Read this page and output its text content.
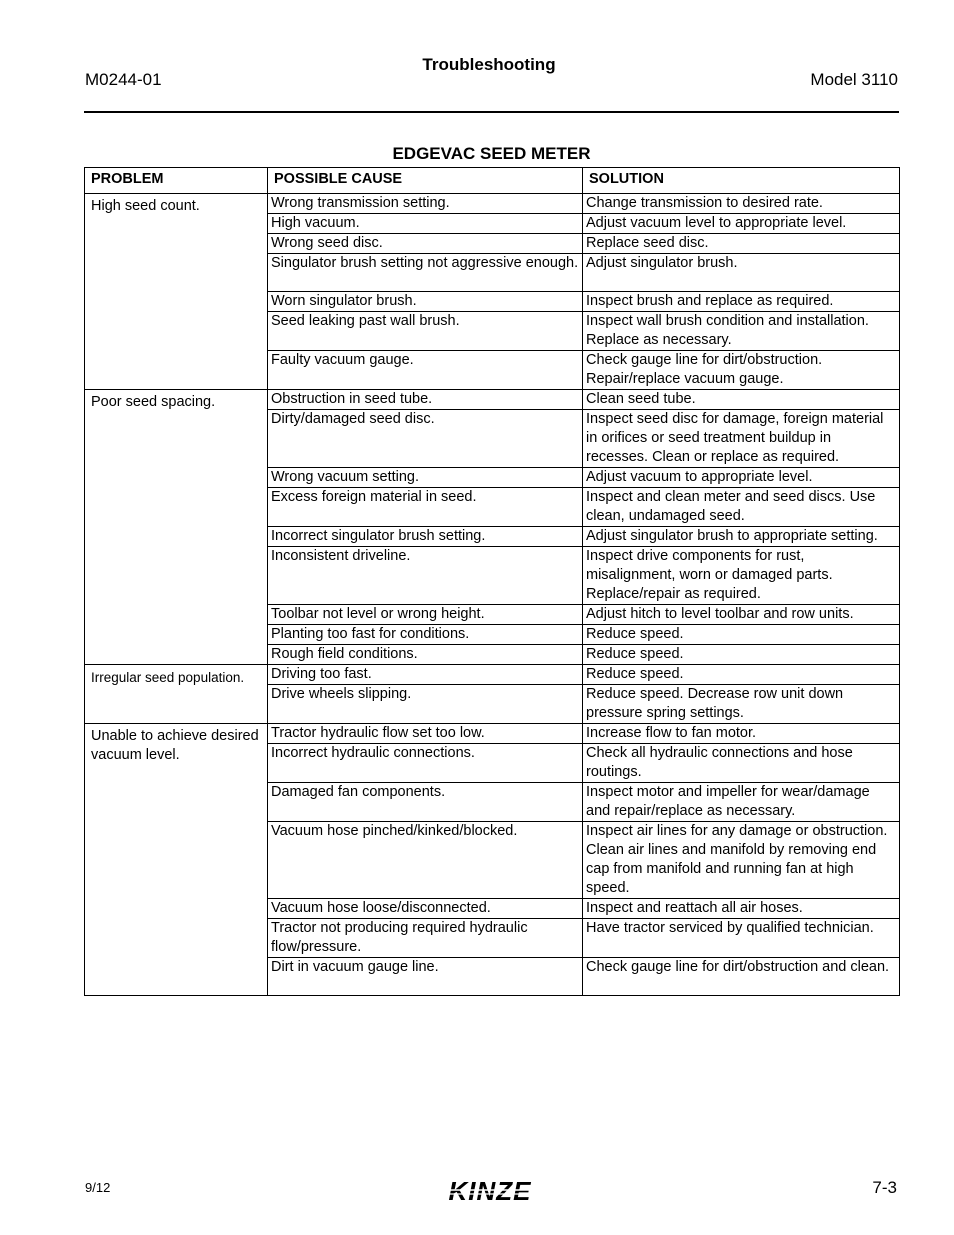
M0244-01
Troubleshooting
Model 3110
EDGEVAC SEED METER
PROBLEM	POSSIBLE CAUSE	SOLUTION
High seed count.	Wrong transmission setting.	Change transmission to desired rate.
	High vacuum.	Adjust vacuum level to appropriate level.
	Wrong seed disc.	Replace seed disc.
	Singulator brush setting not aggressive enough.	Adjust singulator brush.
	Worn singulator brush.	Inspect brush and replace as required.
	Seed leaking past wall brush.	Inspect wall brush condition and installation. Replace as necessary.
	Faulty vacuum gauge.	Check gauge line for dirt/obstruction. Repair/replace vacuum gauge.
Poor seed spacing.	Obstruction in seed tube.	Clean seed tube.
	Dirty/damaged seed disc.	Inspect seed disc for damage, foreign material in orifices or seed treatment buildup in recesses. Clean or replace as required.
	Wrong vacuum setting.	Adjust vacuum to appropriate level.
	Excess foreign material in seed.	Inspect and clean meter and seed discs. Use clean, undamaged seed.
	Incorrect singulator brush setting.	Adjust singulator brush to appropriate setting.
	Inconsistent driveline.	Inspect drive components for rust, misalignment, worn or damaged parts. Replace/repair as required.
	Toolbar not level or wrong height.	Adjust hitch to level toolbar and row units.
	Planting too fast for conditions.	Reduce speed.
	Rough field conditions.	Reduce speed.
Irregular seed population.	Driving too fast.	Reduce speed.
	Drive wheels slipping.	Reduce speed. Decrease row unit down pressure spring settings.
Unable to achieve desired vacuum level.	Tractor hydraulic flow set too low.	Increase flow to fan motor.
	Incorrect hydraulic connections.	Check all hydraulic connections and hose routings.
	Damaged fan components.	Inspect motor and impeller for wear/damage and repair/replace as necessary.
	Vacuum hose pinched/kinked/blocked.	Inspect air lines for any damage or obstruction. Clean air lines and manifold by removing end cap from manifold and running fan at high speed.
	Vacuum hose loose/disconnected.	Inspect and reattach all air hoses.
	Tractor not producing required hydraulic flow/pressure.	Have tractor serviced by qualified technician.
	Dirt in vacuum gauge line.	Check gauge line for dirt/obstruction and clean.
9/12	KINZE	7-3
